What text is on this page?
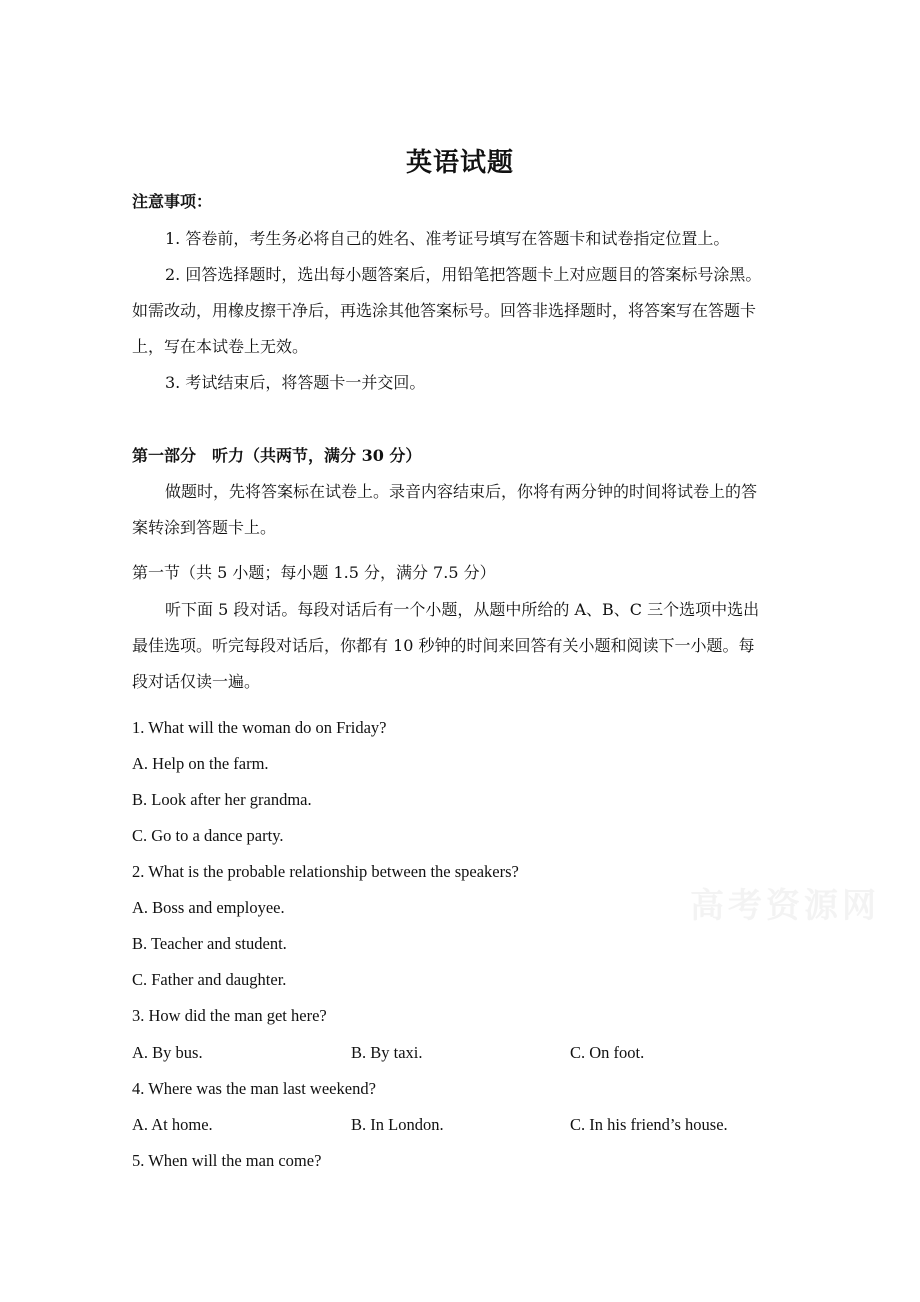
英语试题
注意事项：
1. 答卷前，考生务必将自己的姓名、准考证号填写在答题卡和试卷指定位置上。
2. 回答选择题时，选出每小题答案后，用铅笔把答题卡上对应题目的答案标号涂黑。
如需改动，用橡皮擦干净后，再选涂其他答案标号。回答非选择题时，将答案写在答题卡
上，写在本试卷上无效。
3. 考试结束后，将答题卡一并交回。
第一部分　听力（共两节，满分 30 分）
做题时，先将答案标在试卷上。录音内容结束后，你将有两分钟的时间将试卷上的答
案转涂到答题卡上。
第一节（共 5 小题；每小题 1.5 分，满分 7.5 分）
听下面 5 段对话。每段对话后有一个小题，从题中所给的 A、B、C 三个选项中选出
最佳选项。听完每段对话后，你都有 10 秒钟的时间来回答有关小题和阅读下一小题。每
段对话仅读一遍。
1. What will the woman do on Friday?
A. Help on the farm.
B. Look after her grandma.
C. Go to a dance party.
2. What is the probable relationship between the speakers?
A. Boss and employee.
B. Teacher and student.
C. Father and daughter.
3. How did the man get here?
A. By bus.	B. By taxi.	C. On foot.
4. Where was the man last weekend?
A. At home.	B. In London.	C. In his friend’s house.
5. When will the man come?
高考资源网
